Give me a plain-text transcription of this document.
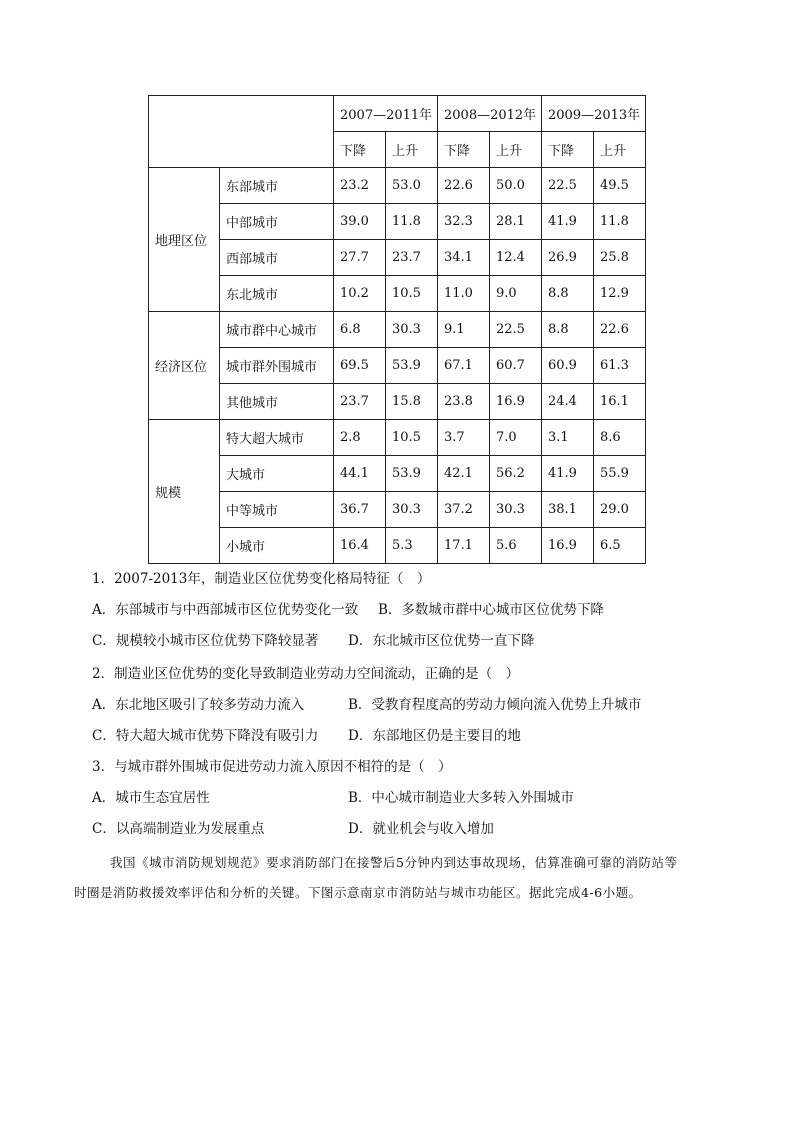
		2007—2011年		2008—2012年		2009—2013年	
		下降	上升	下降	上升	下降	上升
地理区位	东部城市	23.2	53.0	22.6	50.0	22.5	49.5
	中部城市	39.0	11.8	32.3	28.1	41.9	11.8
	西部城市	27.7	23.7	34.1	12.4	26.9	25.8
	东北城市	10.2	10.5	11.0	9.0	8.8	12.9
经济区位	城市群中心城市	6.8	30.3	9.1	22.5	8.8	22.6
	城市群外围城市	69.5	53.9	67.1	60.7	60.9	61.3
	其他城市	23.7	15.8	23.8	16.9	24.4	16.1
规模	特大超大城市	2.8	10.5	3.7	7.0	3.1	8.6
	大城市	44.1	53.9	42.1	56.2	41.9	55.9
	中等城市	36.7	30.3	37.2	30.3	38.1	29.0
	小城市	16.4	5.3	17.1	5.6	16.9	6.5
1．2007-2013年，制造业区位优势变化格局特征（　）
A．东部城市与中西部城市区位优势变化一致 B．多数城市群中心城市区位优势下降
C．规模较小城市区位优势下降较显著 D．东北城市区位优势一直下降
2．制造业区位优势的变化导致制造业劳动力空间流动，正确的是（　）
A．东北地区吸引了较多劳动力流入	B．受教育程度高的劳动力倾向流入优势上升城市
C．特大超大城市优势下降没有吸引力 D．东部地区仍是主要目的地
3．与城市群外围城市促进劳动力流入原因不相符的是（　）
A．城市生态宜居性	B．中心城市制造业大多转入外围城市
C．以高端制造业为发展重点	D．就业机会与收入增加
我国《城市消防规划规范》要求消防部门在接警后5分钟内到达事故现场，估算准确可靠的消防站等
时圈是消防救援效率评估和分析的关键。下图示意南京市消防站与城市功能区。据此完成4-6小题。
